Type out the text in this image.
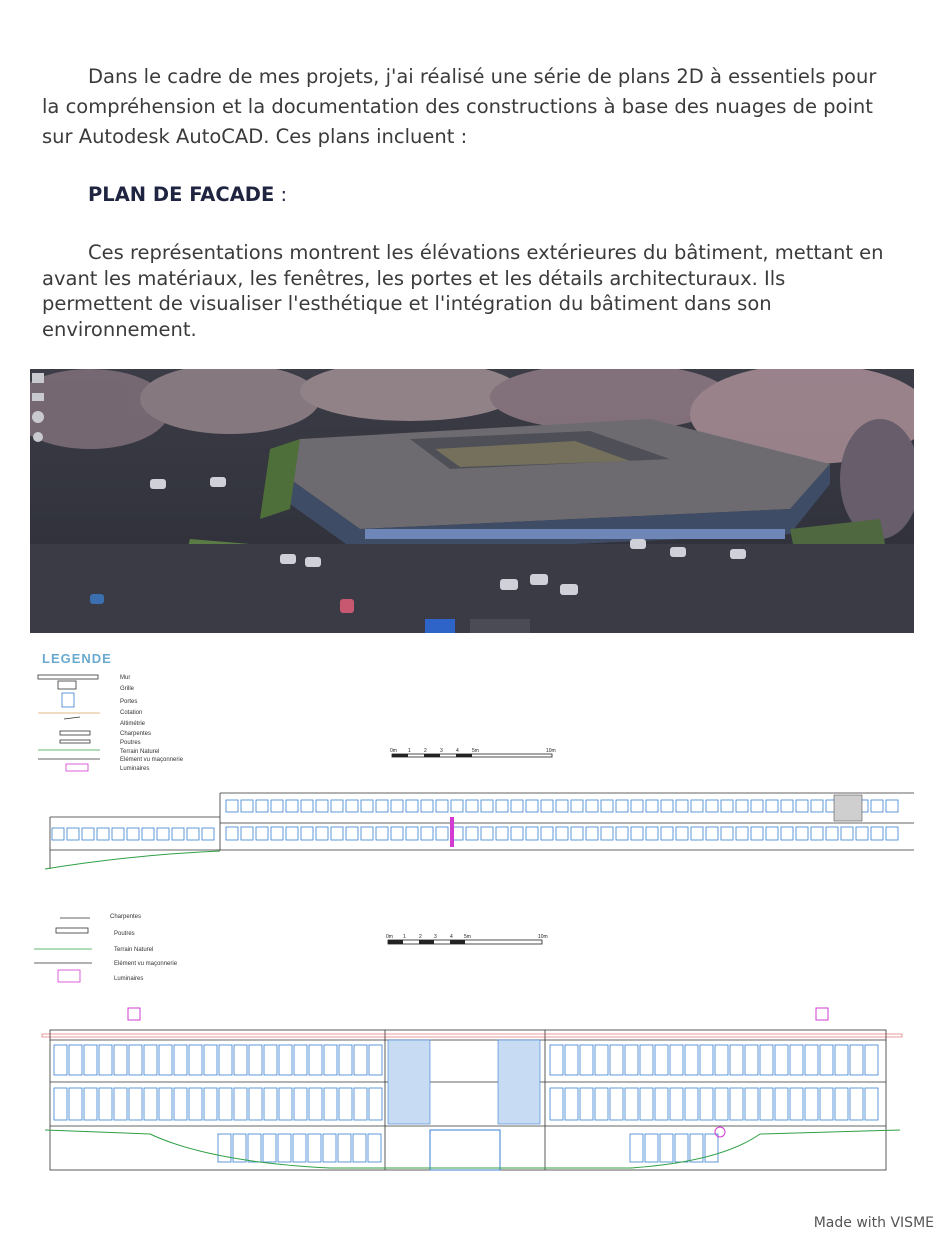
Dans le cadre de mes projets, j'ai réalisé une série de plans 2D à essentiels pour la compréhension et la documentation des constructions à base des nuages de point sur Autodesk AutoCAD. Ces plans incluent :

PLAN DE FACADE :

Ces représentations montrent les élévations extérieures du bâtiment, mettant en avant les matériaux, les fenêtres, les portes et les détails architecturaux. Ils permettent de visualiser l'esthétique et l'intégration du bâtiment dans son environnement.

LEGENDE
Mur
Grille
Portes
Cotation
Altimétrie
Charpentes
Poutres
Terrain Naturel
Elément vu maçonnerie
Luminaires
0m 1	2	3	4	5m	10m
Charpentes
Poutres
Terrain Naturel
Elément vu maçonnerie
Luminaires
0m 1	2 3	4 5m	10m
Made with VISME
